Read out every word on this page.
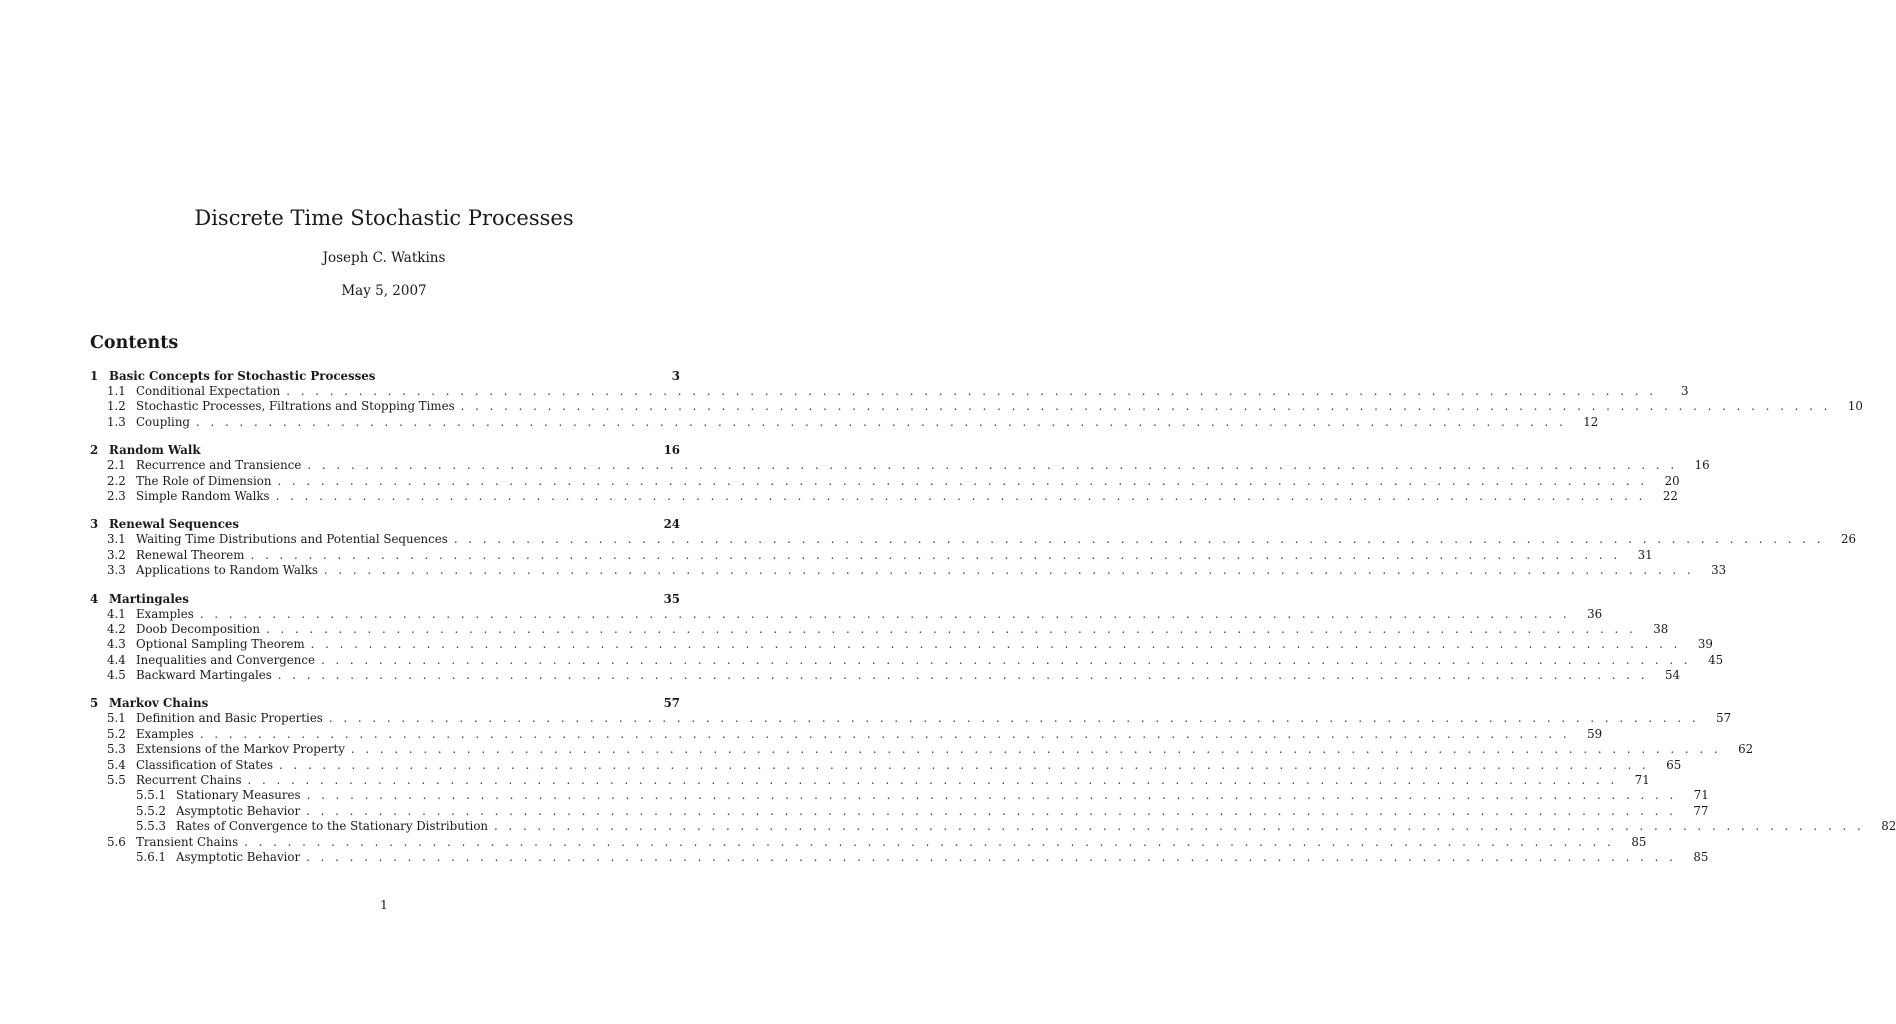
Discrete Time Stochastic Processes
Joseph C. Watkins
May 5, 2007
Contents
1 Basic Concepts for Stochastic Processes	3
1.1 Conditional Expectation . . .	3
1.2 Stochastic Processes, Filtrations and Stopping Times . . .	10
1.3 Coupling . . .	12
2 Random Walk	16
2.1 Recurrence and Transience . . .	16
2.2 The Role of Dimension . . .	20
2.3 Simple Random Walks . . .	22
3 Renewal Sequences	24
3.1 Waiting Time Distributions and Potential Sequences . . .	26
3.2 Renewal Theorem . . .	31
3.3 Applications to Random Walks . . .	33
4 Martingales	35
4.1 Examples . . .	36
4.2 Doob Decomposition . . .	38
4.3 Optional Sampling Theorem . . .	39
4.4 Inequalities and Convergence . . .	45
4.5 Backward Martingales . . .	54
5 Markov Chains	57
5.1 Definition and Basic Properties . . .	57
5.2 Examples . . .	59
5.3 Extensions of the Markov Property . . .	62
5.4 Classification of States . . .	65
5.5 Recurrent Chains . . .	71
5.5.1 Stationary Measures . . .	71
5.5.2 Asymptotic Behavior . . .	77
5.5.3 Rates of Convergence to the Stationary Distribution . . .	82
5.6 Transient Chains . . .	85
5.6.1 Asymptotic Behavior . . .	85
1
